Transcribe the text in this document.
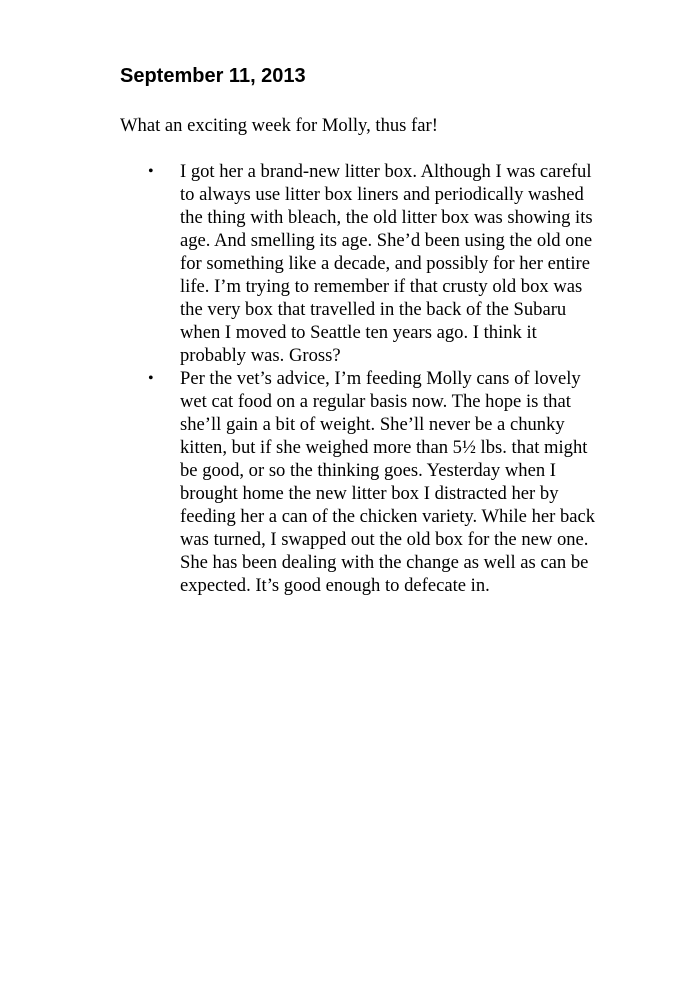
September 11, 2013

What an exciting week for Molly, thus far!

• I got her a brand-new litter box. Although I was careful
to always use litter box liners and periodically washed
the thing with bleach, the old litter box was showing its
age. And smelling its age. She’d been using the old one
for something like a decade, and possibly for her entire
life. I’m trying to remember if that crusty old box was
the very box that travelled in the back of the Subaru
when I moved to Seattle ten years ago. I think it
probably was. Gross?
• Per the vet’s advice, I’m feeding Molly cans of lovely
wet cat food on a regular basis now. The hope is that
she’ll gain a bit of weight. She’ll never be a chunky
kitten, but if she weighed more than 5½ lbs. that might
be good, or so the thinking goes. Yesterday when I
brought home the new litter box I distracted her by
feeding her a can of the chicken variety. While her back
was turned, I swapped out the old box for the new one.
She has been dealing with the change as well as can be
expected. It’s good enough to defecate in.
